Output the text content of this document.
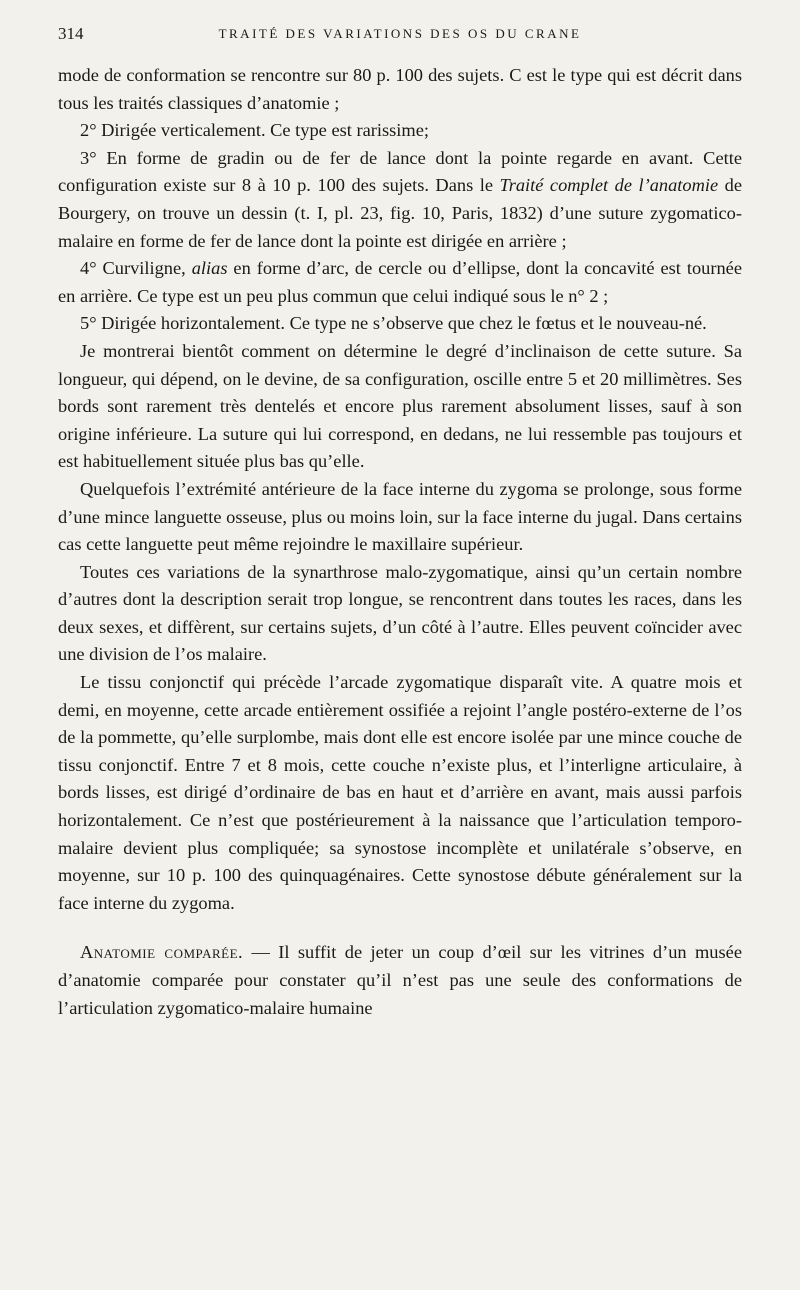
314	TRAITÉ DES VARIATIONS DES OS DU CRANE

mode de conformation se rencontre sur 80 p. 100 des sujets. C est le type qui est décrit dans tous les traités classiques d’anatomie ;

2° Dirigée verticalement. Ce type est rarissime;

3° En forme de gradin ou de fer de lance dont la pointe regarde en avant. Cette configuration existe sur 8 à 10 p. 100 des sujets. Dans le Traité complet de l’anatomie de Bourgery, on trouve un dessin (t. I, pl. 23, fig. 10, Paris, 1832) d’une suture zygomatico-malaire en forme de fer de lance dont la pointe est dirigée en arrière ;

4° Curviligne, alias en forme d’arc, de cercle ou d’ellipse, dont la concavité est tournée en arrière. Ce type est un peu plus commun que celui indiqué sous le n° 2 ;

5° Dirigée horizontalement. Ce type ne s’observe que chez le fœtus et le nouveau-né.

Je montrerai bientôt comment on détermine le degré d’inclinaison de cette suture. Sa longueur, qui dépend, on le devine, de sa configuration, oscille entre 5 et 20 millimètres. Ses bords sont rarement très dentelés et encore plus rarement absolument lisses, sauf à son origine inférieure. La suture qui lui correspond, en dedans, ne lui ressemble pas toujours et est habituellement située plus bas qu’elle.

Quelquefois l’extrémité antérieure de la face interne du zygoma se prolonge, sous forme d’une mince languette osseuse, plus ou moins loin, sur la face interne du jugal. Dans certains cas cette languette peut même rejoindre le maxillaire supérieur.

Toutes ces variations de la synarthrose malo-zygomatique, ainsi qu’un certain nombre d’autres dont la description serait trop longue, se rencontrent dans toutes les races, dans les deux sexes, et diffèrent, sur certains sujets, d’un côté à l’autre. Elles peuvent coïncider avec une division de l’os malaire.

Le tissu conjonctif qui précède l’arcade zygomatique disparaît vite. A quatre mois et demi, en moyenne, cette arcade entièrement ossifiée a rejoint l’angle postéro-externe de l’os de la pommette, qu’elle surplombe, mais dont elle est encore isolée par une mince couche de tissu conjonctif. Entre 7 et 8 mois, cette couche n’existe plus, et l’interligne articulaire, à bords lisses, est dirigé d’ordinaire de bas en haut et d’arrière en avant, mais aussi parfois horizontalement. Ce n’est que postérieurement à la naissance que l’articulation temporo-malaire devient plus compliquée; sa synostose incomplète et unilatérale s’observe, en moyenne, sur 10 p. 100 des quinquagénaires. Cette synostose débute généralement sur la face interne du zygoma.

Anatomie comparée. — Il suffit de jeter un coup d’œil sur les vitrines d’un musée d’anatomie comparée pour constater qu’il n’est pas une seule des conformations de l’articulation zygomatico-malaire humaine
